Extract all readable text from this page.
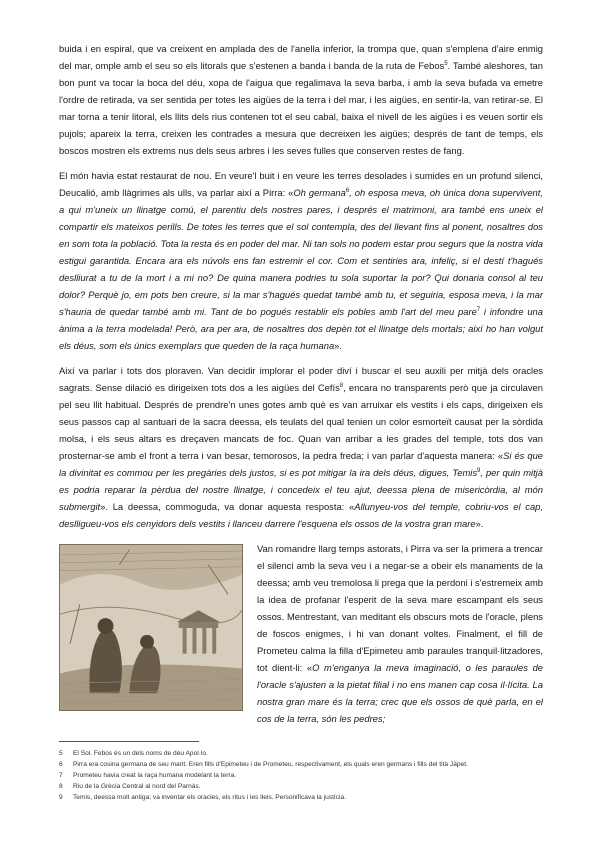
buida i en espiral, que va creixent en amplada des de l'anella inferior, la trompa que, quan s'emplena d'aire enmig del mar, omple amb el seu so els litorals que s'estenen a banda i banda de la ruta de Febos$^5$. També aleshores, tan bon punt va tocar la boca del déu, xopa de l'aigua que regalimava la seva barba, i amb la seva bufada va emetre l'ordre de retirada, va ser sentida per totes les aigües de la terra i del mar, i les aigües, en sentir-la, van retirar-se. El mar torna a tenir litoral, els llits dels rius contenen tot el seu cabal, baixa el nivell de les aigües i es veuen sortir els pujols; apareix la terra, creixen les contrades a mesura que decreixen les aigües; després de tant de temps, els boscos mostren els extrems nus dels seus arbres i les seves fulles que conserven restes de fang.

El món havia estat restaurat de nou. En veure'l buit i en veure les terres desolades i sumides en un profund silenci, Deucalió, amb llàgrimes als ulls, va parlar així a Pirra: «Oh germana$^6$, oh esposa meva, oh única dona supervivent, a qui m'uneix un llinatge comú, el parentiu dels nostres pares, i després el matrimoni, ara també ens uneix el compartir els mateixos perills. De totes les terres que el sol contempla, des del llevant fins al ponent, nosaltres dos en som tota la població. Tota la resta és en poder del mar. Ni tan sols no podem estar prou segurs que la nostra vida estigui garantida. Encara ara els núvols ens fan estremir el cor. Com et sentiries ara, infeliç, si el destí t'hagués deslliurat a tu de la mort i a mi no? De quina manera podries tu sola suportar la por? Qui donaria consol al teu dolor? Perquè jo, em pots ben creure, si la mar s'hagués quedat també amb tu, et seguiria, esposa meva, i la mar s'hauria de quedar també amb mi. Tant de bo pogués restablir els pobles amb l'art del meu pare$^7$ i infondre una ànima a la terra modelada! Però, ara per ara, de nosaltres dos depèn tot el llinatge dels mortals; així ho han volgut els déus, som els únics exemplars que queden de la raça humana».

Així va parlar i tots dos ploraven. Van decidir implorar el poder diví i buscar el seu auxili per mitjà dels oracles sagrats. Sense dilació es dirigeixen tots dos a les aigües del Cefís$^8$, encara no transparents però que ja circulaven pel seu llit habitual. Després de prendre'n unes gotes amb què es van arruixar els vestits i els caps, dirigeixen els seus passos cap al santuari de la sacra deessa, els teulats del qual tenien un color esmorteït causat per la sòrdida molsa, i els seus altars es dreçaven mancats de foc. Quan van arribar a les grades del temple, tots dos van prosternar-se amb el front a terra i van besar, temorosos, la pedra freda; i van parlar d'aquesta manera: «Si és que la divinitat es commou per les pregàries dels justos, si es pot mitigar la ira dels déus, digues, Temis$^9$, per quin mitjà es podria reparar la pèrdua del nostre llinatge, i concedeix el teu ajut, deessa plena de misericòrdia, al món submergit». La deessa, commoguda, va donar aquesta resposta: «Allunyeu-vos del temple, cobriu-vos el cap, deslligueu-vos els cenyidors dels vestits i llanceu darrere l'esquena els ossos de la vostra gran mare».

Van romandre llarg temps astorats, i Pirra va ser la primera a trencar el silenci amb la seva veu i a negar-se a obeir els manaments de la deessa; amb veu tremolosa li prega que la perdoni i s'estremeix amb la idea de profanar l'esperit de la seva mare escampant els seus ossos. Mentrestant, van meditant els obscurs mots de l'oracle, plens de foscos enigmes, i hi van donant voltes. Finalment, el fill de Prometeu calma la filla d'Epimeteu amb paraules tranquil·litzadores, tot dient-li: «O m'enganya la meva imaginació, o les paraules de l'oracle s'ajusten a la pietat filial i no ens manen cap cosa il·lícita. La nostra gran mare és la terra; crec que els ossos de què parla, en el cos de la terra, són les pedres;

5	El Sol. Febos és un dels noms de déu Apol·lo.
6	Pirra era cosina germana de seu marit. Eren fills d'Epimeteu i de Prometeu, respectivament, els quals eren germans i fills del tità Jàpet.
7	Prometeu havia creat la raça humana modelant la terra.
8	Riu de la Grècia Central al nord del Parnàs.
9	Temis, deessa molt antiga; va inventar els oracles, els ritus i les lleis. Personificava la justícia.
